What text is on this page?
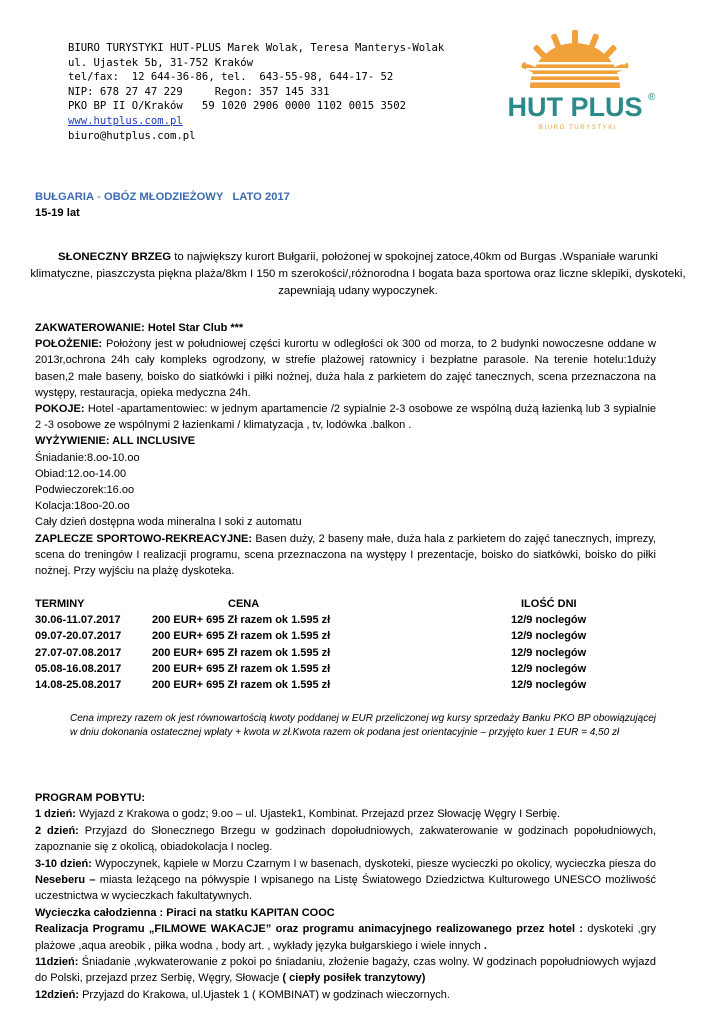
BIURO TURYSTYKI HUT-PLUS Marek Wolak, Teresa Manterys-Wolak
ul. Ujastek 5b, 31-752 Kraków
tel/fax:  12 644-36-86, tel.  643-55-98, 644-17- 52
NIP: 678 27 47 229     Regon: 357 145 331
PKO BP II O/Kraków   59 1020 2906 0000 1102 0015 3502
www.hutplus.com.pl
biuro@hutplus.com.pl
HUT PLUS ®
BIURO TURYSTYKI
BUŁGARIA - OBÓZ MŁODZIEŻOWY   LATO 2017
15-19 lat
SŁONECZNY BRZEG to największy kurort Bułgarii, położonej w spokojnej zatoce,40km od Burgas .Wspaniałe warunki klimatyczne, piaszczysta piękna plaża/8km I 150 m szerokości/,różnorodna I bogata baza sportowa oraz liczne sklepiki, dyskoteki, zapewniają udany wypoczynek.

ZAKWATEROWANIE: Hotel Star Club ***

POŁOŻENIE: Położony jest w południowej części kurortu w odległości ok 300 od morza, to 2 budynki nowoczesne oddane w 2013r,ochrona 24h cały kompleks ogrodzony, w strefie plażowej ratownicy i bezpłatne parasole. Na terenie hotelu:1duży basen,2 małe baseny, boisko do siatkówki i piłki nożnej, duża hala z parkietem do zajęć tanecznych, scena przeznaczona na występy, restauracja, opieka medyczna 24h.

POKOJE: Hotel -apartamentowiec: w jednym apartamencie /2 sypialnie 2-3 osobowe ze wspólną dużą łazienką lub 3 sypialnie 2 -3 osobowe ze wspólnymi 2 łazienkami / klimatyzacja , tv, lodówka .balkon .

WYŻYWIENIE: ALL INCLUSIVE

Śniadanie:8.oo-10.oo

Obiad:12.oo-14.00

Podwieczorek:16.oo

Kolacja:18oo-20.oo

Cały dzień dostępna woda mineralna I soki z automatu

ZAPLECZE SPORTOWO-REKREACYJNE: Basen duży, 2 baseny małe, duża hala z parkietem do zajęć tanecznych, imprezy, scena do treningów I realizacji programu, scena przeznaczona na występy I prezentacje, boisko do siatkówki, boisko do piłki nożnej. Przy wyjściu na plażę dyskoteka.

TERMINY	CENA	ILOŚĆ DNI
30.06-11.07.2017	200 EUR+ 695 Zł razem ok 1.595 zł	12/9 noclegów
09.07-20.07.2017	200 EUR+ 695 Zł razem ok 1.595 zł	12/9 noclegów
27.07-07.08.2017	200 EUR+ 695 Zł razem ok 1.595 zł	12/9 noclegów
05.08-16.08.2017	200 EUR+ 695 Zł razem ok 1.595 zł	12/9 noclegów
14.08-25.08.2017	200 EUR+ 695 Zł razem ok 1.595 zł	12/9 noclegów
Cena imprezy razem ok jest równowartością kwoty poddanej w EUR przeliczonej wg kursy sprzedaży Banku PKO BP obowiązującej w dniu dokonania ostatecznej wpłaty + kwota w zł.Kwota razem ok podana jest orientacyjnie – przyjęto kuer 1 EUR = 4,50 zł

PROGRAM POBYTU:

1 dzień: Wyjazd z Krakowa o godz; 9.oo – ul. Ujastek1, Kombinat. Przejazd przez Słowację Węgry I Serbię.

2 dzień: Przyjazd do Słonecznego Brzegu w godzinach dopołudniowych, zakwaterowanie w godzinach popołudniowych, zapoznanie się z okolicą, obiadokolacja I nocleg.

3-10 dzień: Wypoczynek, kąpiele w Morzu Czarnym I w basenach, dyskoteki, piesze wycieczki po okolicy, wycieczka piesza do Neseberu – miasta leżącego na półwyspie I wpisanego na Listę Światowego Dziedzictwa Kulturowego UNESCO możliwość uczestnictwa w wycieczkach fakultatywnych.

Wycieczka całodzienna : Piraci na statku KAPITAN COOC

Realizacja Programu „FILMOWE WAKACJE” oraz programu animacyjnego realizowanego przez hotel : dyskoteki ,gry plażowe ,aqua areobik , piłka wodna , body art. , wykłady języka bułgarskiego i wiele innych .

11dzień: Śniadanie ,wykwaterowanie z pokoi po śniadaniu, złożenie bagaży, czas wolny. W godzinach popołudniowych wyjazd do Polski, przejazd przez Serbię, Węgry, Słowacje ( ciepły posiłek tranzytowy)

12dzień: Przyjazd do Krakowa, ul.Ujastek 1 ( KOMBINAT) w godzinach wieczornych.
